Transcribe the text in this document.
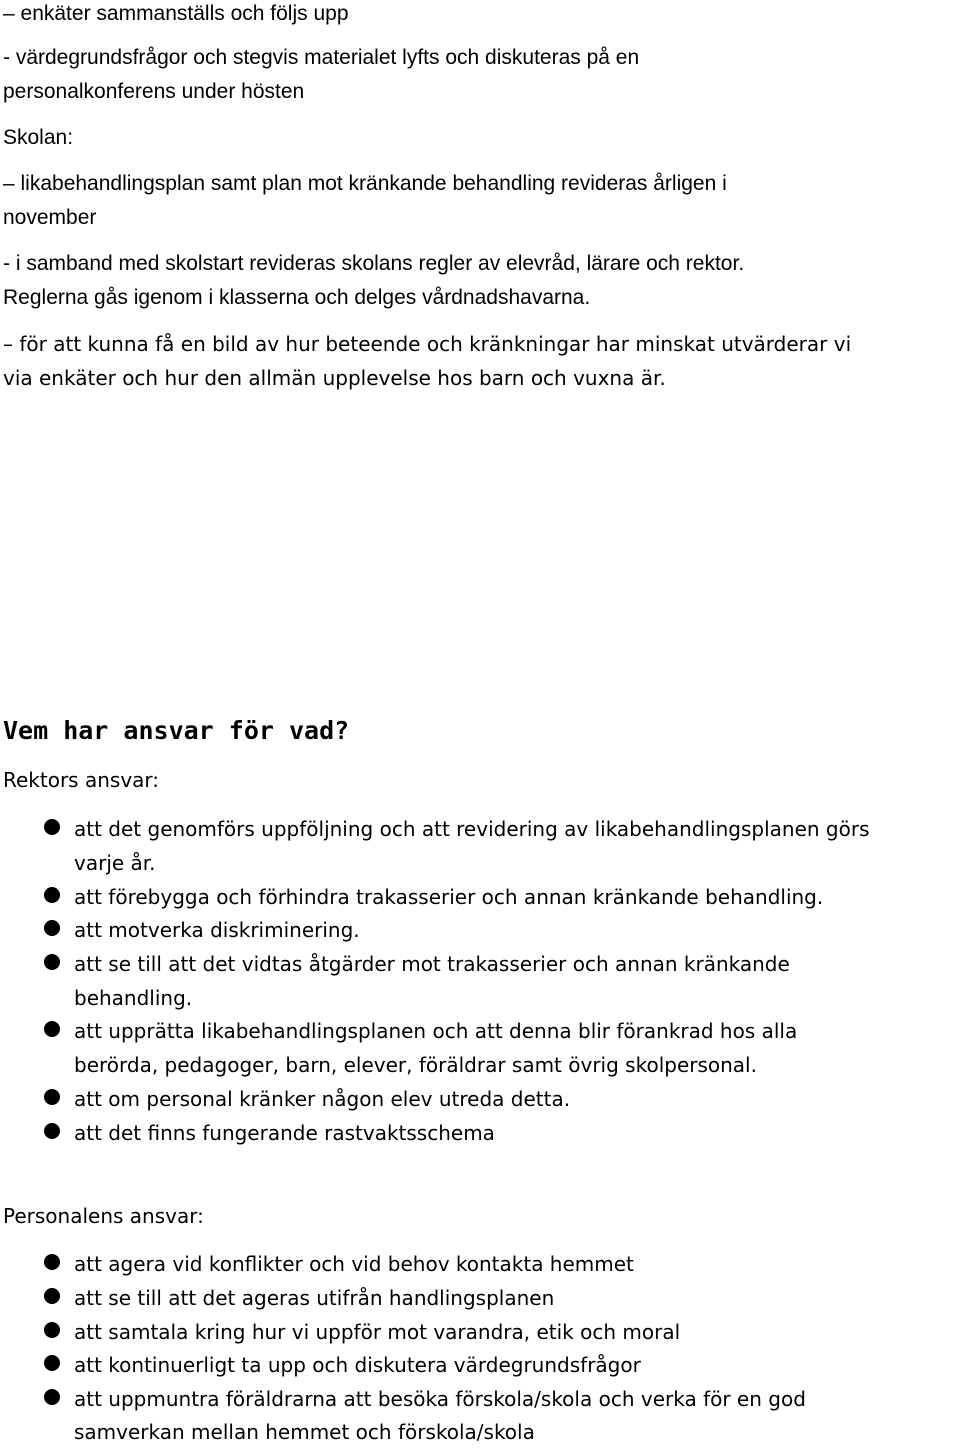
– enkäter sammanställs och följs upp
- värdegrundsfrågor och stegvis materialet lyfts och diskuteras på en
personalkonferens under hösten
Skolan:
– likabehandlingsplan samt plan mot kränkande behandling revideras årligen i
november
- i samband med skolstart revideras skolans regler av elevråd, lärare och rektor.
Reglerna gås igenom i klasserna och delges vårdnadshavarna.
– för att kunna få en bild av hur beteende och kränkningar har minskat utvärderar vi
via enkäter och hur den allmän upplevelse hos barn och vuxna är.
Vem har ansvar för vad?
Rektors ansvar:
att det genomförs uppföljning och att revidering av likabehandlingsplanen görs
varje år.
att förebygga och förhindra trakasserier och annan kränkande behandling.
att motverka diskriminering.
att se till att det vidtas åtgärder mot trakasserier och annan kränkande
behandling.
att upprätta likabehandlingsplanen och att denna blir förankrad hos alla
berörda, pedagoger, barn, elever, föräldrar samt övrig skolpersonal.
att om personal kränker någon elev utreda detta.
att det finns fungerande rastvaktsschema
Personalens ansvar:
att agera vid konflikter och vid behov kontakta hemmet
att se till att det ageras utifrån handlingsplanen
att samtala kring hur vi uppför mot varandra, etik och moral
att kontinuerligt ta upp och diskutera värdegrundsfrågor
att uppmuntra föräldrarna att besöka förskola/skola och verka för en god
samverkan mellan hemmet och förskola/skola
